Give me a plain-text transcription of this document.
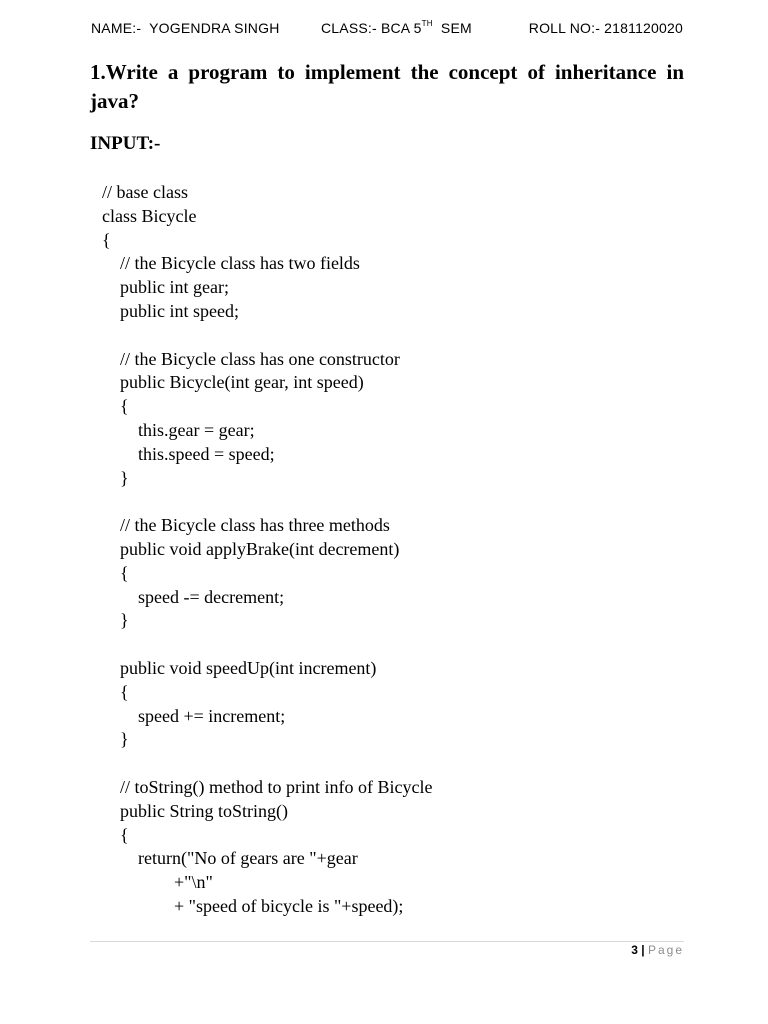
NAME:-  YOGENDRA SINGH	CLASS:- BCA 5TH  SEM	ROLL NO:- 2181120020

1.Write a program to implement the concept of inheritance in java?

INPUT:-

// base class
class Bicycle
{
// the Bicycle class has two fields
public int gear;
public int speed;
// the Bicycle class has one constructor
public Bicycle(int gear, int speed)
{
this.gear = gear;
this.speed = speed;
}
// the Bicycle class has three methods
public void applyBrake(int decrement)
{
speed -= decrement;
}
public void speedUp(int increment)
{
speed += increment;
}
// toString() method to print info of Bicycle
public String toString()
{
return("No of gears are "+gear
+"\n"
+ "speed of bicycle is "+speed);
3 | Page
